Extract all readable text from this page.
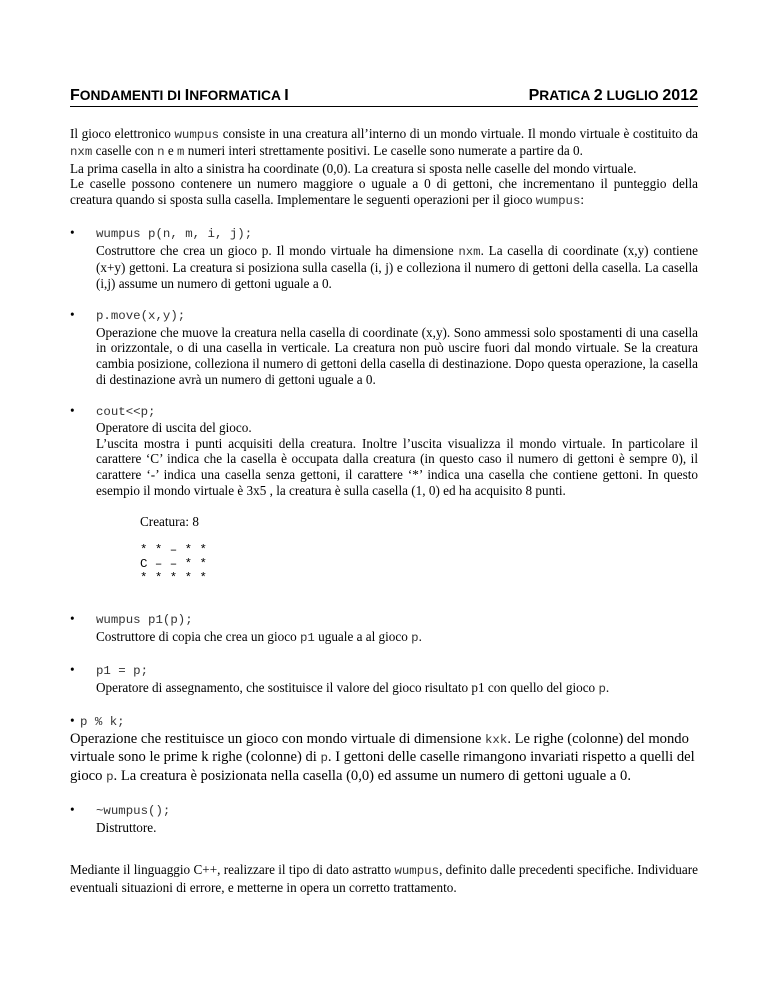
FONDAMENTI DI INFORMATICA I	PRATICA 2 LUGLIO 2012

Il gioco elettronico wumpus consiste in una creatura all’interno di un mondo virtuale. Il mondo virtuale è costituito da nxm caselle con n e m numeri interi strettamente positivi. Le caselle sono numerate a partire da 0.

La prima casella in alto a sinistra ha coordinate (0,0). La creatura si sposta nelle caselle del mondo virtuale.

Le caselle possono contenere un numero maggiore o uguale a 0 di gettoni, che incrementano il punteggio della creatura quando si sposta sulla casella. Implementare le seguenti operazioni per il gioco wumpus:

• wumpus p(n, m, i, j);
Costruttore che crea un gioco p. Il mondo virtuale ha dimensione nxm. La casella di coordinate (x,y) contiene (x+y) gettoni. La creatura si posiziona sulla casella (i, j) e colleziona il numero di gettoni della casella. La casella (i,j) assume un numero di gettoni uguale a 0.
• p.move(x,y);
Operazione che muove la creatura nella casella di coordinate (x,y). Sono ammessi solo spostamenti di una casella in orizzontale, o di una casella in verticale. La creatura non può uscire fuori dal mondo virtuale. Se la creatura cambia posizione, colleziona il numero di gettoni della casella di destinazione. Dopo questa operazione, la casella di destinazione avrà un numero di gettoni uguale a 0.
• cout<<p;
Operatore di uscita del gioco.
L’uscita mostra i punti acquisiti della creatura. Inoltre l’uscita visualizza il mondo virtuale. In particolare il carattere ‘C’ indica che la casella è occupata dalla creatura (in questo caso il numero di gettoni è sempre 0), il carattere ‘-’ indica una casella senza gettoni, il carattere ‘*’ indica una casella che contiene gettoni. In questo esempio il mondo virtuale è 3x5 , la creatura è sulla casella (1, 0) ed ha acquisito 8 punti.
Creatura: 8
* * – * *
C – – * *
* * * * *
• wumpus p1(p);
Costruttore di copia che crea un gioco p1 uguale a al gioco p.
• p1 = p;
Operatore di assegnamento, che sostituisce il valore del gioco risultato p1 con quello del gioco p.
• p % k;
Operazione che restituisce un gioco con mondo virtuale di dimensione kxk. Le righe (colonne) del mondo virtuale sono le prime k righe (colonne) di p. I gettoni delle caselle rimangono invariati rispetto a quelli del gioco p. La creatura è posizionata nella casella (0,0) ed assume un numero di gettoni uguale a 0.
• ~wumpus();
Distruttore.

Mediante il linguaggio C++, realizzare il tipo di dato astratto wumpus, definito dalle precedenti specifiche. Individuare eventuali situazioni di errore, e metterne in opera un corretto trattamento.
